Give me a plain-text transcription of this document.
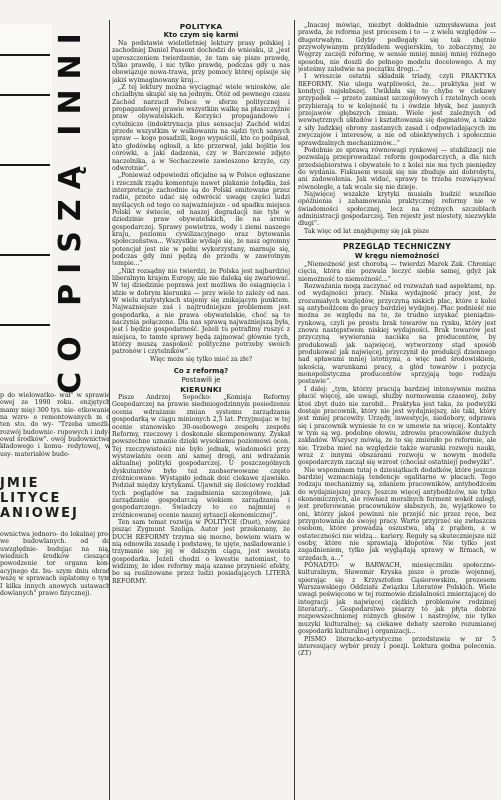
CO PISZĄ INNI

p do wielowatko- wał" w sprawie owej ze 1990 roku. enzjętych mamy mię) 300 tys. nie- etkowanie na wzro- e remontowanych m o ten sto. do wy- "Trzeba umożli- rozwój budownic- rupowych i indy- ował środków". owój budownictwa kładowego i komu- redytowej, w usy- materiałów budo-

JMIE
LITYCE
ANIOWEJ

ownictwa jednoro- do lokalnej pro- we budowlanych. od do uwzględnie- budując na nią, wiednich środków cieszące powodzenie tor organu kon- acyjnego dz. bu- szym dniu obrad ważę w sprawach isplatomy o tym I kilka innych anowych ustawach dowlanych" prawo fizycznej).

POLITYKA
Kto czym się karmi

Na podstawie wielotletniej lektury prasy polskiej i zachodniej Daniel Passent dochodzi do wniosku, iż „jest uproszczeniem twierdzenie, że tam się pisze prawdę, tylko prawdę, i nic tylko prawdę, podczas gdy u nas obowiązuje nowa-trawa, przy pomocy której opisuje się jakiś wyimaginowany kraj...

„Z tej lektury można wyciągnąć wiele wniosków, ale chciałbym skupić się na jednym. Otóż od pewnego czasu Zachód narzucił Polsce w sferze politycznej i propagandowej prawie wszystkim walkę na płaszczyźnie praw obywatelskich. Korzyści propagandowe i cytelnicze (indoktrynacja plus sensacja) Zachód widzi przede wszystkim w walkowaniu na sądzi tych samych spraw — kogo posadzili, kogo wypuścili, kto co podpisał, kto głodówkę ogłosił, a kto przerwał, jaki bojštie los córówki, a jaki dadzenia, czy w Barczewie zdjęto naczelnika, a w Sochaczewie zawieszono krzyże, czy odwrotnie”.

„Ponieważ odpowiedzi oficjalne są w Polsce ogłaszane i rzecznik rządu komentuje nawet plakanie żołądka, żaś interpretacje zachodnie są do Polski emitowane przez radio, przeto udać się odwrócić uwagę części ludzi myślących od tego co najważniejsze - od spadku miejsca Polski w świecie, od naszej degradacji nie tyle w dziedzinie praw obywatelskich, ile na arenie gospodarczej. Sprawy powietrza, wody i ziemi naszego kraju, poziomu cywilizacyjnego oraz bytowania społeczeństwa... Wszystkie wydaje się, że nasz ogromny potencjał jest nie w pełni wykorzystany, marnuje się, podczas gdy inni pędzą do przodu w zawrotnym tempie...”

„Nikt rozsądny nie twierdzi, że Polska jest najbardziej liberalnym krajem Europy, ale nie daleką się zwariować. W tej dziedzinie poprawa jest możliwa do osiągnięcia i idzie w dobrym kierunku — przy wiele to zależy od nas. W wielu statystykach stajemy się znikającym punktem. Najważniejsze zaś i najtrudniejsze problemem jest gospodarka, a nie prawa obywatelskie, choć są to naczynia połączone. Dla nas sprawą najważniejszą była, jest i będzie gospodarność. Jeżeli tu potrafimy ruszyć z miejsca, to tamte sprawy będą zajmować głównie tych, którzy muszą zaspokoić polityczne potrzeby swoich patronów i czytelników”.

Więc może się tylko mieć za złe?

Co z reformą?
Postawili je
KIERUNKI

Pisze Andrzej Sopoćko: „Komisja Reformy Gospodarczej na prawie siedmiogodzinnym posiedzeniu ocenia wdrażanie zmian systemu zarządzania gospodarką w ciągu minionych 2,5 lat. Przyjmując w tej ocenie stanowisko 30-osobowego zespołu zespołu Reformy, rzeczowy i doskonale skomponowany. Zyskał powszechne uznanie dzięki wysokiemu poziomowi ocen. Tej rzeczywistości nie było jednak, wiadomości przy wystawianiu ocen ani samej drogi, ani wdrażania aktualnej polityki gospodarczej. U poszczególnych dyskutantów było też zaobserwowane często zróżnicowane. Wystąpiło jednak doić ciekawe zjawisko. Podział między krytykami. Ujawnił się ilościowy rozkład tych poglądów na zagadnienia szczegółowe, jak zarządzanie gospodarczą wiekiem zarządzania i gospodarczego. Świadczy to co najmniej o zróżnicowanej ocenie naszej sytuacji ekonomicznej”.

Ten sam temat rozwija w POLITYCE (Duet), również pisząc Zygmunt Szeliga. Autor jest przekonany, że DUCH REFORMY trzyma się mocno, bowiem wiara w nią odnowiła zasadę i podstawę, te ujęte, naśladowanie i trzymanie się jej w dalszym ciągu, jest swoista gospodarka. Jeżeli chodzi o kwestie natomiast, to widzimy, że idee reformy mają szanse przynieść efekty, bo są realizowane przez ludzi posiadających LITERA REFORMY.

„Inaczej mówiąc, niezbyt dokładnie uzmysławiana jest prawda, że reforma jest procesem i to — z wielu względów — długotrwałym. Gdyby podlegały się tak chętnie przywoływanym przykładem węgierskim, to zobaczymy, że Węgrzy zaczęli reformę, w sensie mniej mniej mniej różnego sposobu, nie doszli do pełnego modelu docelowego. A my jesteśmy zaledwie na początku drogi...”

I wreszcie ostatni składnik triady, czyli PRAKTYKA REFORMY. Nie ulega wątpliwości, że... praktyka jest w kondycji najsłabszej. Uwikłała się to chyba w ciekawy przypadek — przeto zamiast szczegółowych i rzetelnych ocen przybierają to w kolejność tu i ówdzie błysk, bez jasnych przejawów głębszych zmian. Wiele jest zależnych od wewnętrznych układów i kształtowania się dogmatów, a także z siły ludzkiej obrony zastanych zasad i odpowiadających im zwyczajów i interesów, a nie od obiektywnych i społecznie sprawdzalnych mechanizmów...”

Podobnie ze sprawą równowagi rynkowej — stabilizacji nie pozwalają przeprowadzać reform gospodarczych, a dla nich przedsiębiorstwa i obywatele to z kolei nie ma tych pieniędzy do wydania. Fiskusem wszak się nie zbuduje ani dobrobytu, ani zadowolenia. Jak widać, sprawy te trzeba rozwiązywać równolegle, a tak wcale się nie dzieje.

Najwięcej wszakże krytyki musiała budzić wszelkie opóźnienia i zahamowania praktycznej reformy nie w świadomości społecznej, lecz na różnych szczeblach administracji gospodarczej. Ten rejestr jest niestety, niezwykle długi”.

Tak więc od lat znajdujemy się jak pisze

PRZEGLĄD TECHNICZNY
W kręgu niemożności

„Niemożność jest chorobą — twierdzi Marek Zak. Chroniąc cięcia, która nie pozwala leczyć siebie samej, gdyż jak niemożność to niemożność...”

Rozważania mogą zaczynać od rozważań nad aspektami, np. od wydajności pracy. Niska wydajność pracy jest, że zrozumiałych względów, przyczyną niskich płac, które z kolei są antybodźcem do pracy bardziej wydajnej. Płac podnieść nie można ze względu na to, że trudno uzyskać pieniądze-rynkową, czyli po prostu brak towarów na rynku, który jest znowu następstwem niskiej wydajności. Brak towarów jest przyczyną wywierania nacisku na producentów, by produkowali jak najwięcej, wytworzony stąd sposób produkować jak najwięcej, przyczynił do produkcji dziennego nad spławami mniej istotnymi, a więc nad środowiskiem, jakością, warunkami pracy, a głód towarów i pozycja monopolistyczna producentów sprzyjają tego rodzaju postawie”.

I dalej: „tym, którzy pracują bardziej intensywnie można płacić więcej, ale uwagi, służby normowania czasowej, żeby ktoś zbyt dużo nie zarobił... Praktyka jest taka, że podwyżki dostaje pracownik, który nie jest wydajniejszy, ale taki, który jest mniej pracowity. Urzędy, inwestycje, niedobory, odprawa się i pracownik wyniesie to co w umowie na więcej. Kontakty w tym są wg. podobne ołowiu, zdrowiu pracowników dużych zakładów. Wszyscy mówią, że to się zmieniło po reformie, ale nie. Trzeba mieć na względzie także warunki rozwoju nauki, wraz z innymi obszarami rozwoju w nowym modelu gospodarczym zaczął się wzrost (chociaż ostatniej) podwyżki”.

Nie wspominam tutaj o dziesiątkach dodatków, które jeszcze bardziej wzmacniają tendencje egalitarne w płacach. Tego rodzaju mechanizmy są, zdaniem pracowników, antybodźcem do wydajniejszej pracy. Jeszcze więcej antybodźców, nie tylko ekonomicznych, ale również moralnych ferment wokół zaległ, jest preferowanie pracowników słabszych, że, wyjątkowo to oni, którzy jakoś powinni nie przejść nic przez ręce, bez przygotowania do swojej pracy. Warto przyjrzeć się zwłaszcza osobom, które prowadzą oszustwa, idą z prądem, a w ostateczności nie widzą... kariery. Reguły są skuteczniejsze niż osoby, które nie sprawiają kłopotów. Nie tylko jest zagadnieniem, tylko jak wyglądają sprawy w firmach, w urzędach, a...”

PONADTO: w BARWACH, miesięczniku społeczno-kulturalnym, Sławomir Kryska pisze o prozie wojennej, spierając się z Krzysztofem Gąsiorowskim, prezesem Warszawskiego Oddziału Związku Literatów Polskich. Wiele uwagi poświęcono w tej rozmowie działalności zmierzającej do integracji jak najwięcej ciężkich problemów rodzimej literatury... Gospodarstwo pisarzy to jak płyta dobrze rozpowszechnionej różnych głosów i nastrojów, nie tylko muzyki kulturalnej; są ciekawe debaty szeroko rozumianej gospodarki kulturalnej i organizacji...

PISMO literacko-artystyczne przedstawia w nr 5 interesujący wybór prozy i poezji. Lektura godna polecenia. (ZT)
